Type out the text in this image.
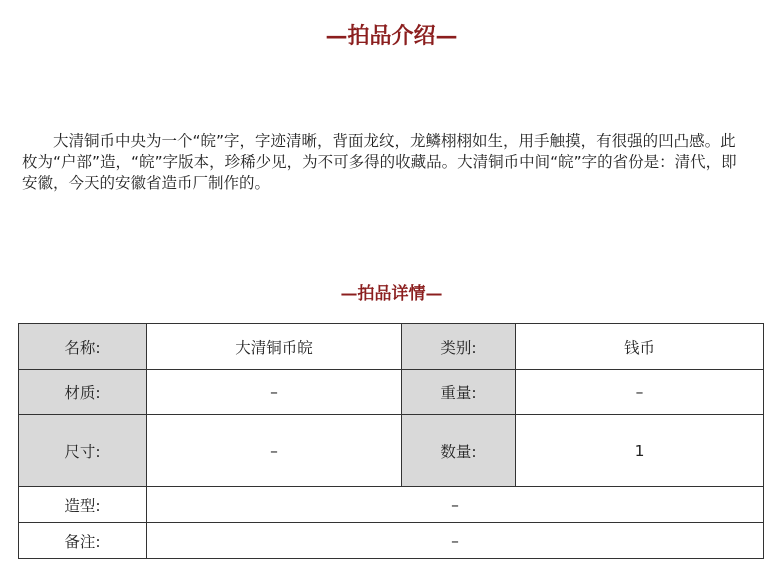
—拍品介绍—

大清铜币中央为一个“皖”字，字迹清晰，背面龙纹，龙鳞栩栩如生，用手触摸，有很强的凹凸感。此枚为“户部”造，“皖”字版本，珍稀少见，为不可多得的收藏品。大清铜币中间“皖”字的省份是：清代，即安徽，今天的安徽省造币厂制作的。

—拍品详情—
名称:	大清铜币皖	类别:	钱币
材质:	–	重量:	–
尺寸:	–	数量:	1
造型:	–		
备注:	–		
